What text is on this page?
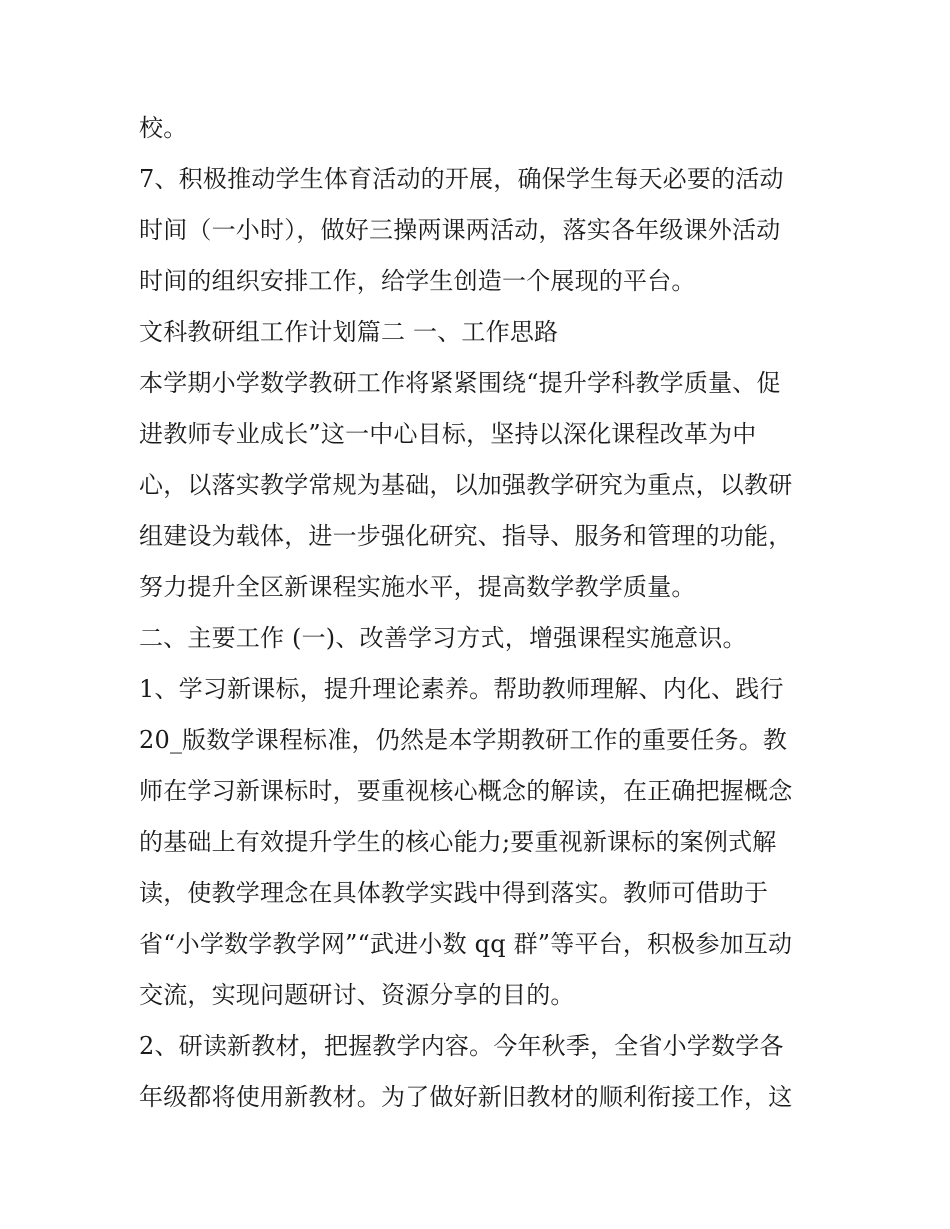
校。
7、积极推动学生体育活动的开展，确保学生每天必要的活动
时间（一小时），做好三操两课两活动，落实各年级课外活动
时间的组织安排工作，给学生创造一个展现的平台。
文科教研组工作计划篇二 一、工作思路
本学期小学数学教研工作将紧紧围绕“提升学科教学质量、促
进教师专业成长”这一中心目标，坚持以深化课程改革为中
心，以落实教学常规为基础，以加强教学研究为重点，以教研
组建设为载体，进一步强化研究、指导、服务和管理的功能，
努力提升全区新课程实施水平，提高数学教学质量。
二、主要工作 (一)、改善学习方式，增强课程实施意识。
1、学习新课标，提升理论素养。帮助教师理解、内化、践行
20_版数学课程标准，仍然是本学期教研工作的重要任务。教
师在学习新课标时，要重视核心概念的解读，在正确把握概念
的基础上有效提升学生的核心能力;要重视新课标的案例式解
读，使教学理念在具体教学实践中得到落实。教师可借助于
省“小学数学教学网”“武进小数 qq 群”等平台，积极参加互动
交流，实现问题研讨、资源分享的目的。
2、研读新教材，把握教学内容。今年秋季，全省小学数学各
年级都将使用新教材。为了做好新旧教材的顺利衔接工作，这
